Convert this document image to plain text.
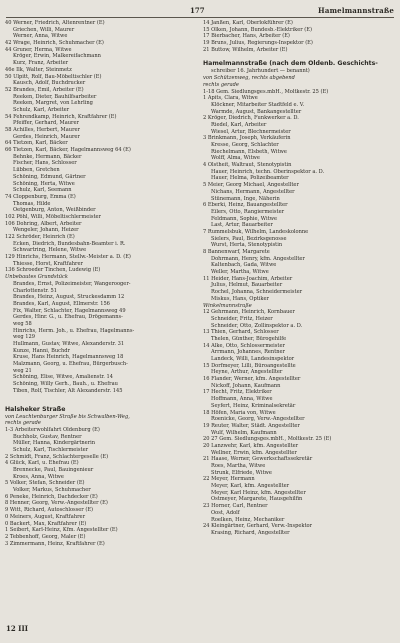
177	Hamelmannstraße
40 Werner, Friedrich, Altenrentner (E)
Griechen, Willi, Maurer
Werner, Anna, Witwe
42 Wrage, Heinrich, Schuhmacher (E)
44 Gruner, Herma, Witwe
Kröger, Erwin, Malkereifachmann
Kurz, Franz, Arbeiter
46e Ilk, Walter, Steinmetz
50 Ulpitt, Rolf, Bau-Möbeltischler (E)
Kausch, Adolf, Buchdrucker
52 Brandes, Emil, Arbeiter (E)
Reeken, Dieter, Bauhilfsarbeiter
Reeken, Margret, von Lehrling
Schulz, Karl, Arbeiter
54 Fehrendkamp, Heinrich, Kraftfahrer (E)
Pfeiffer, Gerhard, Maurer
58 Achilles, Herbert, Maurer
Gerdes, Heinrich, Maurer
64 Tietzen, Karl, Bäcker
66 Tietzen, Karl, Bäcker, Hagelmannsweg 64 (E)
Behnke, Hermann, Bäcker
Fischer, Hans, Schlosser
Lübben, Gretchen
Schöning, Edmund, Gärtner
Schöning, Herta, Witwe
Schulz, Karl, Seemann
74 Cloppenburg, Emma (E)
Thomas, Hilde
Oetgenburg, Anton, Weißbinder
102 Pöhl, Willi, Möbeltischlermeister
106 Dohring, Albert, Arbeiter
Wengeler, Johann, Heizer
122 Schröder, Heinrich (E)
Ecken, Diedrich, Bundesbahn-Beamter i. R.
Schwartring, Helene, Witwe
129 Hinrichs, Hermann, Stellw.-Meister a. D. (E)
Thiesse, Horst, Kraftfahrer
136 Schroeder Tinchen, Ludewig (E)
Unbebautes Grundstück
Brandes, Ernst, Polizeimeister, Wangerooger-
Charlottenstr. 51
Brandes, Heinz, August, Struckesdamm 12
Brandes, Karl, August, Ellmerstr. 156
Fix, Walter, Schlachter, Hagelmannsweg 49
Gerdes, Hinr. G., u. Ehefrau, Drögemanns-
weg 58
Hinrichs, Herm. Joh., u. Ehefrau, Hagelmanns-
weg 129
Hullmann, Gustav, Witwe, Alexanderstr. 31
Kunze, Hanni, Buchdr
Kruse, Hans Heinrich, Hagelmannsweg 18
Malzmann, Georg, u. Ehefrau, Bürgerbusch-
weg 21
Schöning, Elise, Witwe, Amalienstr. 14
Schöning, Willy Gerh., Bauh., u. Ehefrau
Tiben, Rolf, Tischler, Alt Alexanderstr. 145
Halsheker Straße
von Leuchtenburger Straße bis Schwalben-Weg,
rechts gerade
1-3 Arbeiterwohlfahrt Oldenburg (E)
Buchholz, Gustav, Rentner
Müller, Hanna, Kindergärtnerin
Schulz, Karl, Tischlermeister
2 Schmidt, Franz, Schlachtergeselle (E)
4 Glück, Karl, u. Ehefrau (E)
Brennecke, Paul, Bauingenieur
Kroes, Anna, Witwe
5 Volker, Stefan, Schneider (E)
Volker, Markus, Schuhmacher
6 Peneke, Heinrich, Dachdecker (E)
8 Henner, Georg, Verw.-Angestellter (E)
9 Witt, Richard, Autoschlosser (E)
0 Meiners, August, Kraftfahrer
0 Backert, Max, Kraftfahrer (E)
1 Seibert, Karl-Heinz, Kfm. Angestellter (E)
2 Tebbenhoff, Georg, Maler (E)
3 Zimmermann, Heinz, Kraftfahrer (E)
14 Janßen, Karl, Oberlokführer (E)
15 Olken, Johann, Bundesb.-Elektriker (E)
17 Bierbacher, Hans, Arbeiter (E)
19 Bruns, Julius, Regierungs-Inspektor (E)
21 Buttow, Wilhelm, Arbeiter (E)
Hamelmannstraße (nach dem Oldenb. Geschichts-
schreiber 16. Jahrhundert — benannt)
von Schützenweg, rechts abgebend
rechts gerade
1-18 Gem. Siedlungsges.mbH., Moltkestr. 25 (E)
1 Apits, Clara, Witwe
Klöckner, Mitarbeiter Stadtfeld e. V.
Warmde, August, Bankangestellter
2 Kröger, Diedrich, Funkwerker a. D.
Riedel, Karl, Arbeiter
Wiesel, Artur, Blechnermeister
3 Brinkmann, Joseph, Verkäuferin
Kresse, Georg, Schlachter
Riechelmann, Elsbeth, Witwe
Wolff, Alma, Witwe
4 Olstheit, Waltraut, Stenotypistin
Hauer, Heinrich, techn. Oberinspektor a. D.
Hauer, Helma, Polizeibeamter
5 Meier, Georg Michael, Angestellter
Nichans, Hermann, Angestellter
Stünemann, Inge, Näherin
6 Eberki, Heinz, Bauangestellter
Eilers, Otto, Rangiermeister
Feldmann, Sophie, Witwe
Last, Artur, Bauarbeiter
7 Rummelsbuk, Wilhelm, Landeskolonne
Sielers, Paul, Bezirksgenosse
Wurst, Herta, Stenotypistin
8 Bannenwarf, Margarete
Dohrmann, Henry, kfm. Angestellter
Kaltenbach, Gada, Witwe
Weller, Martha, Witwe
11 Heider, Hans-Joachim, Arbeiter
Julius, Helmut, Bauarbeiter
Rochel, Johanna, Schneidermeister
Miskus, Hans, Optiker
Winkelmannstraße
12 Gehrmann, Heinrich, Kornbauer
Schneider, Fritz, Heizer
Schneider, Otto, Zollinspektor a. D.
13 Thien, Gerhard, Schlosser
Thelen, Günther, Bürogehilfe
14 Alke, Otto, Schlossermeister
Arrmann, Johannes, Rentner
Landeck, Willi, Landesinspektor
15 Dorfmeyer, Lilli, Büroangestellte
Heyne, Arthur, Angestellter
16 Flander, Werner, kfm. Angestellter
Nickoff, Johann, Kaufmann
17 Hecht, Fritz, Elektriker
Hoffmann, Anna, Witwe
Seyfert, Heinz, Kriminalsekretär
18 Höfen, Maria von, Witwe
Roenicke, Georg, Verw.-Angestellter
19 Reuter, Walter, Städt. Angestellter
Wulf, Wilhelm, Kaufmann
20 27 Gem. Siedlungsges.mbH., Moltkestr. 25 (E)
20 Lanzwehr, Karl, kfm. Angestellter
Wellner, Erwin, kfm. Angestellter
21 Haase, Werner, Gewerkschaftssekretär
Roes, Martha, Witwe
Strunk, Elfriede, Witwe
22 Meyer, Hermann
Meyer, Karl, kfm. Angestellter
Meyer, Karl Heinz, kfm. Angestellter
Ostmeyer, Margarete, Hausgehilfin
23 Horner, Carl, Rentner
Oost, Adolf
Roelken, Heinz, Mechaniker
24 Kleingärtner, Gerhard, Verw.-Inspektor
Krasing, Richard, Angestellter
12 III
